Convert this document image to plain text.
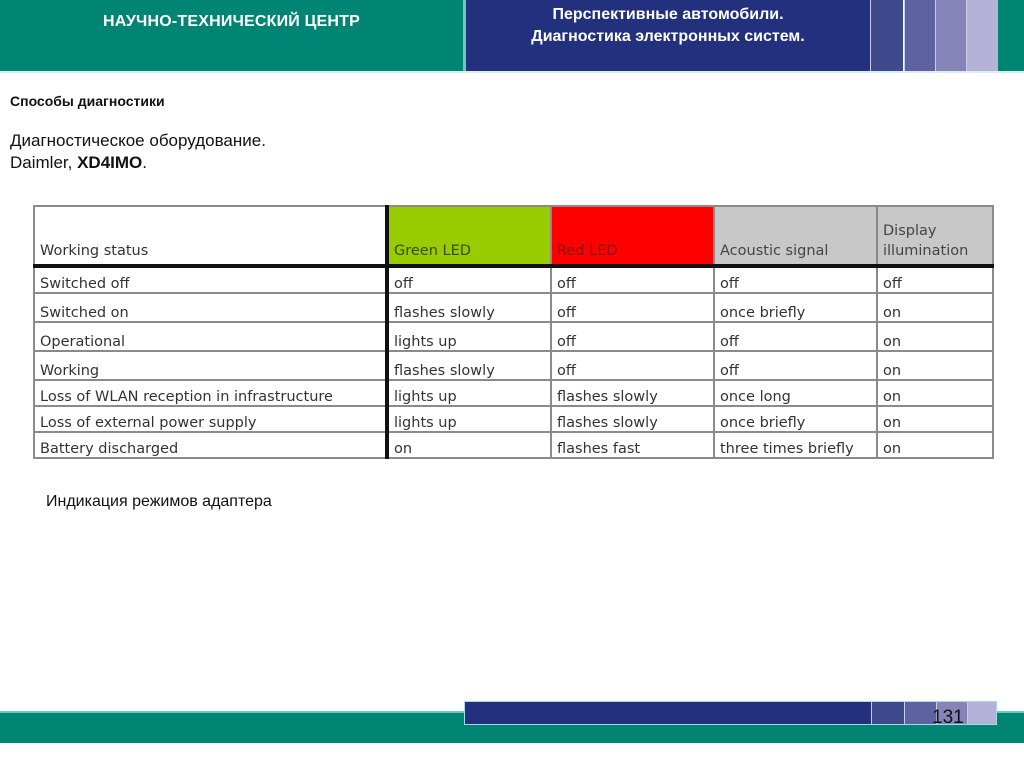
НАУЧНО-ТЕХНИЧЕСКИЙ ЦЕНТР	Перспективные автомобили.
Диагностика электронных систем.
Способы диагностики
Диагностическое оборудование.
Daimler, XD4IMO.
Working status	Green LED	Red LED	Acoustic signal	Display
illumination

Switched off	off	off	off	off
Switched on	flashes slowly	off	once briefly	on
Operational	lights up	off	off	on
Working	flashes slowly	off	off	on
Loss of WLAN reception in infrastructure	lights up	flashes slowly	once long	on
Loss of external power supply	lights up	flashes slowly	once briefly	on
Battery discharged	on	flashes fast	three times briefly	on
Индикация режимов адаптера
131
